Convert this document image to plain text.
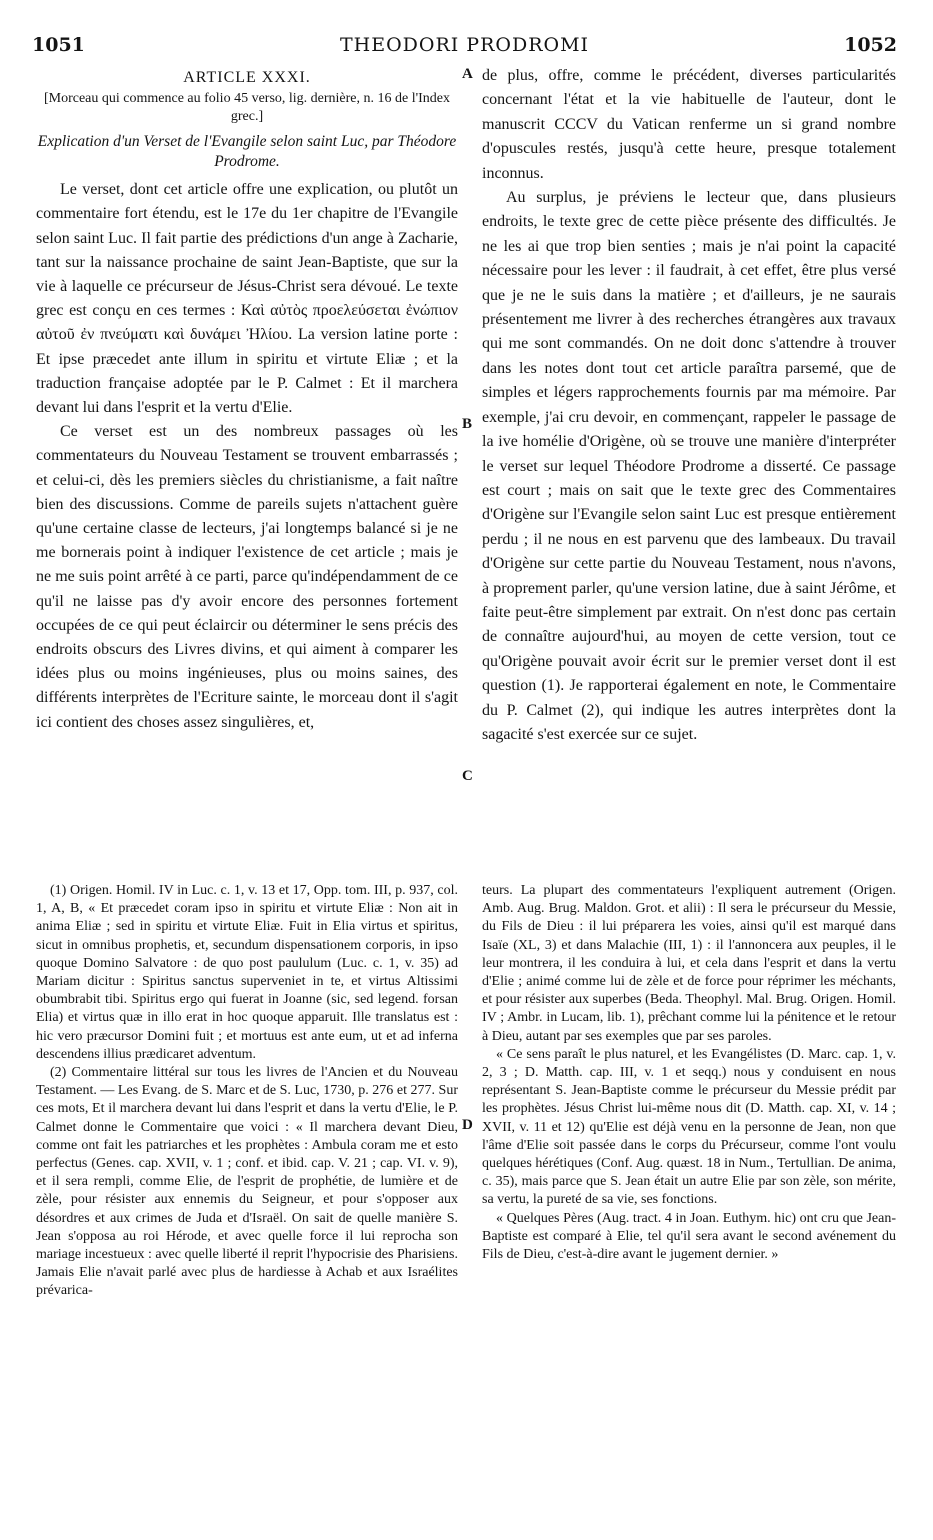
1051	THEODORI PRODROMI	1052

ARTICLE XXXI.

[Morceau qui commence au folio 45 verso, lig. dernière, n. 16 de l'Index grec.]

Explication d'un Verset de l'Evangile selon saint Luc, par Théodore Prodrome.

Le verset, dont cet article offre une explication, ou plutôt un commentaire fort étendu, est le 17e du 1er chapitre de l'Evangile selon saint Luc. Il fait partie des prédictions d'un ange à Zacharie, tant sur la naissance prochaine de saint Jean-Baptiste, que sur la vie à laquelle ce précurseur de Jésus-Christ sera dévoué. Le texte grec est conçu en ces termes : Καὶ αὐτὸς προελεύσεται ἐνώπιον αὐτοῦ ἐν πνεύματι καὶ δυνάμει Ἠλίου. La version latine porte : Et ipse præcedet ante illum in spiritu et virtute Eliæ ; et la traduction française adoptée par le P. Calmet : Et il marchera devant lui dans l'esprit et la vertu d'Elie.

Ce verset est un des nombreux passages où les commentateurs du Nouveau Testament se trouvent embarrassés ; et celui-ci, dès les premiers siècles du christianisme, a fait naître bien des discussions. Comme de pareils sujets n'attachent guère qu'une certaine classe de lecteurs, j'ai longtemps balancé si je ne me bornerais point à indiquer l'existence de cet article ; mais je ne me suis point arrêté à ce parti, parce qu'indépendamment de ce qu'il ne laisse pas d'y avoir encore des personnes fortement occupées de ce qui peut éclaircir ou déterminer le sens précis des endroits obscurs des Livres divins, et qui aiment à comparer les idées plus ou moins ingénieuses, plus ou moins saines, des différents interprètes de l'Ecriture sainte, le morceau dont il s'agit ici contient des choses assez singulières, et,

de plus, offre, comme le précédent, diverses particularités concernant l'état et la vie habituelle de l'auteur, dont le manuscrit CCCV du Vatican renferme un si grand nombre d'opuscules restés, jusqu'à cette heure, presque totalement inconnus.

Au surplus, je préviens le lecteur que, dans plusieurs endroits, le texte grec de cette pièce présente des difficultés. Je ne les ai que trop bien senties ; mais je n'ai point la capacité nécessaire pour les lever : il faudrait, à cet effet, être plus versé que je ne le suis dans la matière ; et d'ailleurs, je ne saurais présentement me livrer à des recherches étrangères aux travaux qui me sont commandés. On ne doit donc s'attendre à trouver dans les notes dont tout cet article paraîtra parsemé, que de simples et légers rapprochements fournis par ma mémoire. Par exemple, j'ai cru devoir, en commençant, rappeler le passage de la ive homélie d'Origène, où se trouve une manière d'interpréter le verset sur lequel Théodore Prodrome a disserté. Ce passage est court ; mais on sait que le texte grec des Commentaires d'Origène sur l'Evangile selon saint Luc est presque entièrement perdu ; il ne nous en est parvenu que des lambeaux. Du travail d'Origène sur cette partie du Nouveau Testament, nous n'avons, à proprement parler, qu'une version latine, due à saint Jérôme, et faite peut-être simplement par extrait. On n'est donc pas certain de connaître aujourd'hui, au moyen de cette version, tout ce qu'Origène pouvait avoir écrit sur le premier verset dont il est question (1). Je rapporterai également en note, le Commentaire du P. Calmet (2), qui indique les autres interprètes dont la sagacité s'est exercée sur ce sujet.

A
B
C
D

(1) Origen. Homil. IV in Luc. c. 1, v. 13 et 17, Opp. tom. III, p. 937, col. 1, A, B, « Et præcedet coram ipso in spiritu et virtute Eliæ : Non ait in anima Eliæ ; sed in spiritu et virtute Eliæ. Fuit in Elia virtus et spiritus, sicut in omnibus prophetis, et, secundum dispensationem corporis, in ipso quoque Domino Salvatore : de quo post paululum (Luc. c. 1, v. 35) ad Mariam dicitur : Spiritus sanctus superveniet in te, et virtus Altissimi obumbrabit tibi. Spiritus ergo qui fuerat in Joanne (sic, sed legend. forsan Elia) et virtus quæ in illo erat in hoc quoque apparuit. Ille translatus est : hic vero præcursor Domini fuit ; et mortuus est ante eum, ut et ad inferna descendens illius prædicaret adventum.

(2) Commentaire littéral sur tous les livres de l'Ancien et du Nouveau Testament. — Les Evang. de S. Marc et de S. Luc, 1730, p. 276 et 277. Sur ces mots, Et il marchera devant lui dans l'esprit et dans la vertu d'Elie, le P. Calmet donne le Commentaire que voici : « Il marchera devant Dieu, comme ont fait les patriarches et les prophètes : Ambula coram me et esto perfectus (Genes. cap. XVII, v. 1 ; conf. et ibid. cap. V. 21 ; cap. VI. v. 9), et il sera rempli, comme Elie, de l'esprit de prophétie, de lumière et de zèle, pour résister aux ennemis du Seigneur, et pour s'opposer aux désordres et aux crimes de Juda et d'Israël. On sait de quelle manière S. Jean s'opposa au roi Hérode, et avec quelle force il lui reprocha son mariage incestueux : avec quelle liberté il reprit l'hypocrisie des Pharisiens. Jamais Elie n'avait parlé avec plus de hardiesse à Achab et aux Israélites prévarica-

teurs. La plupart des commentateurs l'expliquent autrement (Origen. Amb. Aug. Brug. Maldon. Grot. et alii) : Il sera le précurseur du Messie, du Fils de Dieu : il lui préparera les voies, ainsi qu'il est marqué dans Isaïe (XL, 3) et dans Malachie (III, 1) : il l'annoncera aux peuples, il le leur montrera, il les conduira à lui, et cela dans l'esprit et dans la vertu d'Elie ; animé comme lui de zèle et de force pour réprimer les méchants, et pour résister aux superbes (Beda. Theophyl. Mal. Brug. Origen. Homil. IV ; Ambr. in Lucam, lib. 1), prêchant comme lui la pénitence et le retour à Dieu, autant par ses exemples que par ses paroles.

« Ce sens paraît le plus naturel, et les Evangélistes (D. Marc. cap. 1, v. 2, 3 ; D. Matth. cap. III, v. 1 et seqq.) nous y conduisent en nous représentant S. Jean-Baptiste comme le précurseur du Messie prédit par les prophètes. Jésus Christ lui-même nous dit (D. Matth. cap. XI, v. 14 ; XVII, v. 11 et 12) qu'Elie est déjà venu en la personne de Jean, non que l'âme d'Elie soit passée dans le corps du Précurseur, comme l'ont voulu quelques hérétiques (Conf. Aug. quæst. 18 in Num., Tertullian. De anima, c. 35), mais parce que S. Jean était un autre Elie par son zèle, son mérite, sa vertu, la pureté de sa vie, ses fonctions.

« Quelques Pères (Aug. tract. 4 in Joan. Euthym. hic) ont cru que Jean-Baptiste est comparé à Elie, tel qu'il sera avant le second avénement du Fils de Dieu, c'est-à-dire avant le jugement dernier. »
